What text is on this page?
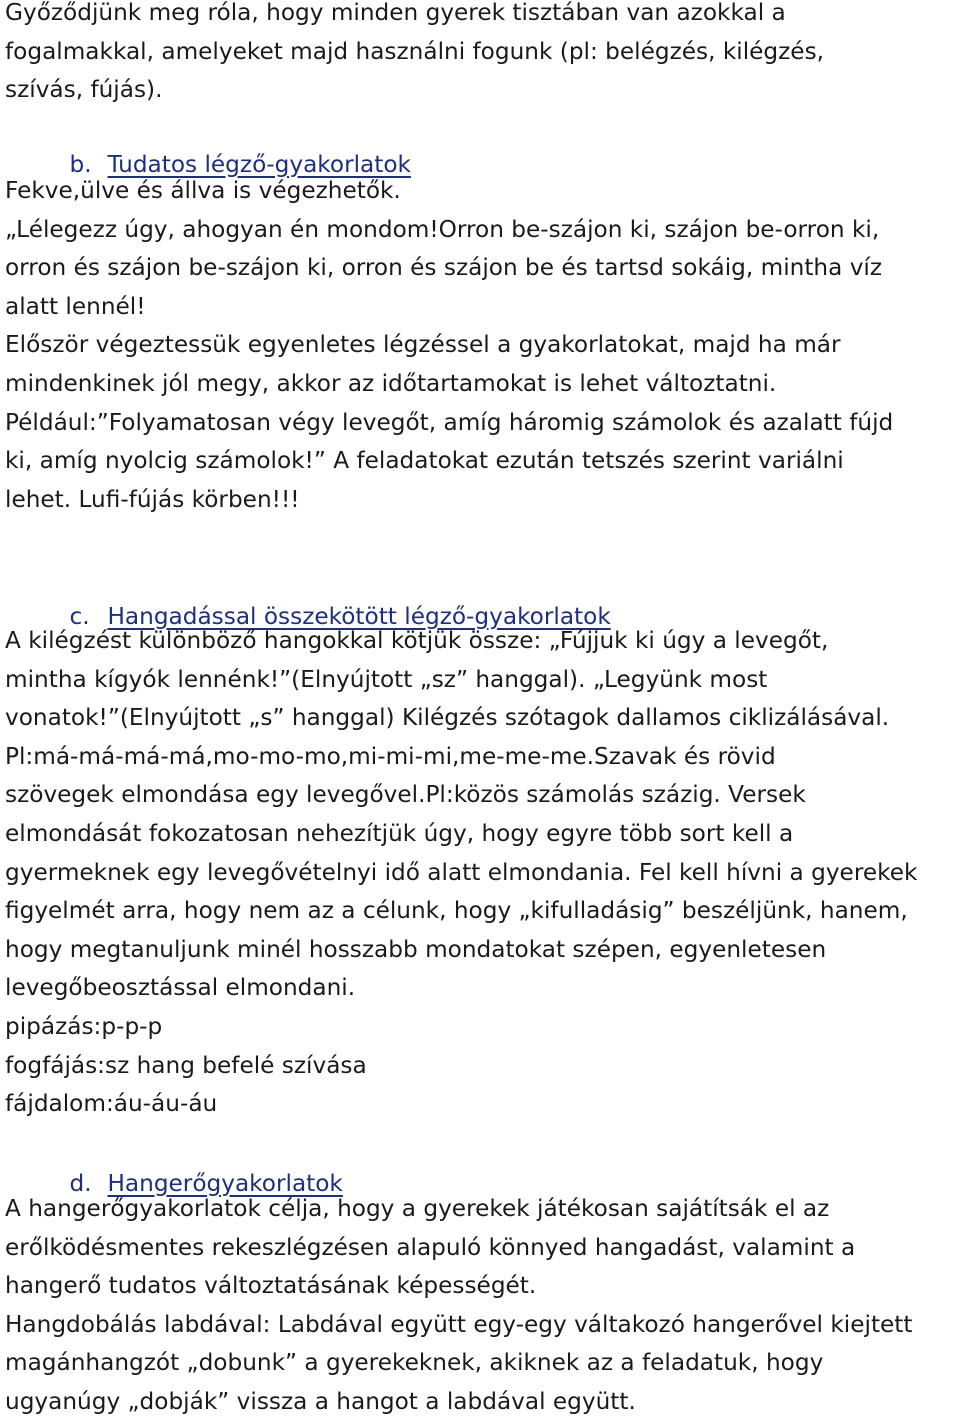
Győződjünk meg róla, hogy minden gyerek tisztában van azokkal a
fogalmakkal, amelyeket majd használni fogunk (pl: belégzés, kilégzés,
szívás, fújás).

b. Tudatos légző-gyakorlatok

Fekve,ülve és állva is végezhetők.
„Lélegezz úgy, ahogyan én mondom!Orron be-szájon ki, szájon be-orron ki,
orron és szájon be-szájon ki, orron és szájon be és tartsd sokáig, mintha víz
alatt lennél!
Először végeztessük egyenletes légzéssel a gyakorlatokat, majd ha már
mindenkinek jól megy, akkor az időtartamokat is lehet változtatni.
Például:”Folyamatosan végy levegőt, amíg háromig számolok és azalatt fújd
ki, amíg nyolcig számolok!” A feladatokat ezután tetszés szerint variálni
lehet. Lufi-fújás körben!!!

c. Hangadással összekötött légző-gyakorlatok

A kilégzést különböző hangokkal kötjük össze: „Fújjuk ki úgy a levegőt,
mintha kígyók lennénk!”(Elnyújtott „sz” hanggal). „Legyünk most
vonatok!”(Elnyújtott „s” hanggal) Kilégzés szótagok dallamos ciklizálásával.
Pl:má-má-má-má,mo-mo-mo,mi-mi-mi,me-me-me.Szavak és rövid
szövegek elmondása egy levegővel.Pl:közös számolás százig. Versek
elmondását fokozatosan nehezítjük úgy, hogy egyre több sort kell a
gyermeknek egy levegővételnyi idő alatt elmondania. Fel kell hívni a gyerekek
figyelmét arra, hogy nem az a célunk, hogy „kifulladásig” beszéljünk, hanem,
hogy megtanuljunk minél hosszabb mondatokat szépen, egyenletesen
levegőbeosztással elmondani.
pipázás:p-p-p
fogfájás:sz hang befelé szívása
fájdalom:áu-áu-áu

d. Hangerőgyakorlatok

A hangerőgyakorlatok célja, hogy a gyerekek játékosan sajátítsák el az
erőlködésmentes rekeszlégzésen alapuló könnyed hangadást, valamint a
hangerő tudatos változtatásának képességét.
Hangdobálás labdával: Labdával együtt egy-egy váltakozó hangerővel kiejtett
magánhangzót „dobunk” a gyerekeknek, akiknek az a feladatuk, hogy
ugyanúgy „dobják” vissza a hangot a labdával együtt.
